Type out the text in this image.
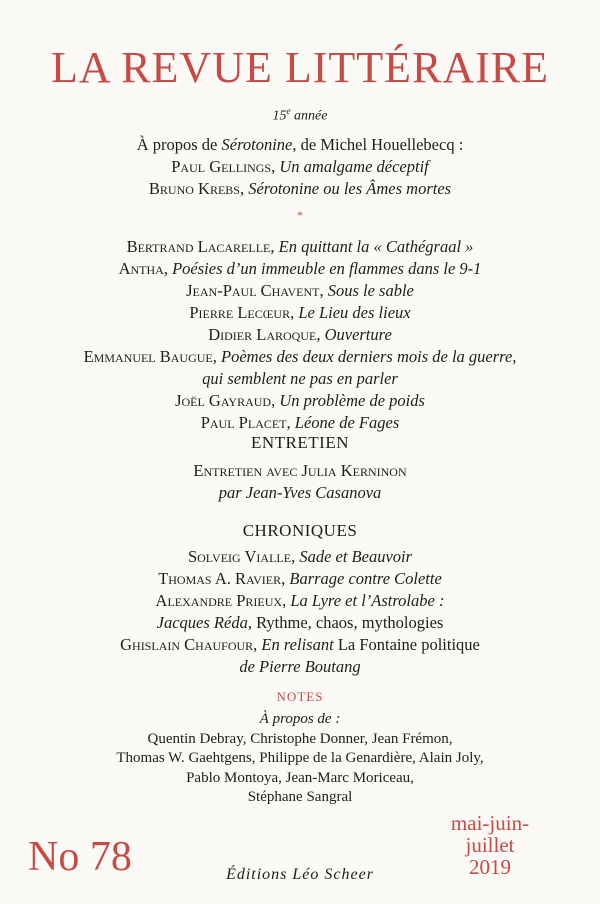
LA REVUE LITTÉRAIRE
15e année
À propos de Sérotonine, de Michel Houellebecq :
Paul Gellings, Un amalgame déceptif
Bruno Krebs, Sérotonine ou les Âmes mortes
*
Bertrand Lacarelle, En quittant la « Cathégraal »
Antha, Poésies d’un immeuble en flammes dans le 9-1
Jean-Paul Chavent, Sous le sable
Pierre Lecœur, Le Lieu des lieux
Didier Laroque, Ouverture
Emmanuel Baugue, Poèmes des deux derniers mois de la guerre,
qui semblent ne pas en parler
Joël Gayraud, Un problème de poids
Paul Placet, Léone de Fages
ENTRETIEN
Entretien avec Julia Kerninon
par Jean-Yves Casanova
CHRONIQUES
Solveig Vialle, Sade et Beauvoir
Thomas A. Ravier, Barrage contre Colette
Alexandre Prieux, La Lyre et l’Astrolabe :
Jacques Réda, Rythme, chaos, mythologies
Ghislain Chaufour, En relisant La Fontaine politique
de Pierre Boutang
NOTES
À propos de :
Quentin Debray, Christophe Donner, Jean Frémon,
Thomas W. Gaehtgens, Philippe de la Genardière, Alain Joly,
Pablo Montoya, Jean-Marc Moriceau,
Stéphane Sangral
No 78	Éditions Léo Scheer
mai-juin-
juillet
2019
